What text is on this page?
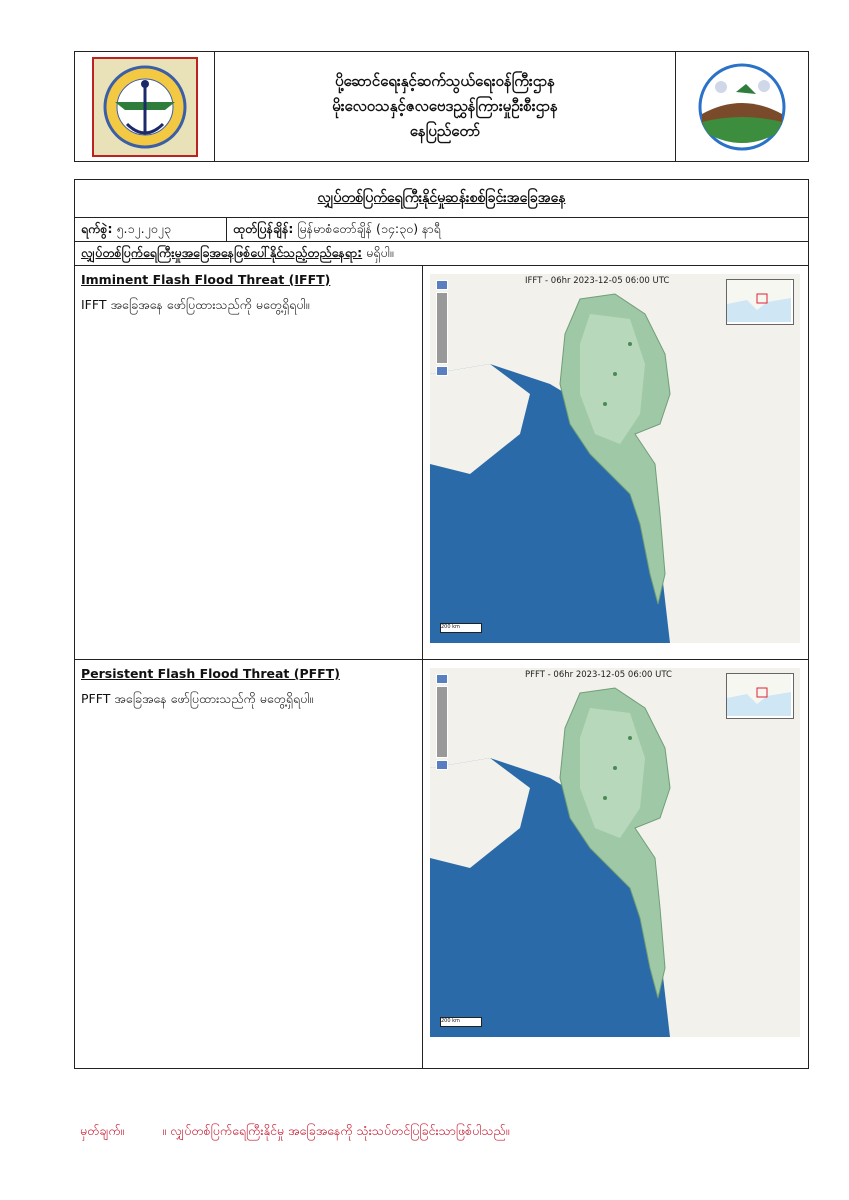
ပို့ဆောင်ရေးနှင့်ဆက်သွယ်ရေးဝန်ကြီးဌာန
မိုးလေဝသနှင့်ဇလဗေဒညွှန်ကြားမှုဦးစီးဌာန
နေပြည်တော်
လျှပ်တစ်ပြက်ရေကြီးနိုင်မှုဆန်းစစ်ခြင်းအခြေအနေ
ရက်စွဲ: ၅.၁၂.၂၀၂၃	ထုတ်ပြန်ချိန်: မြန်မာစံတော်ချိန် (၁၄:၃၀) နာရီ
လျှပ်တစ်ပြက်ရေကြီးမှုအခြေအနေဖြစ်ပေါ်နိုင်သည့်တည်နေရာ: မရှိပါ။
Imminent Flash Flood Threat (IFFT)
IFFT အခြေအနေ ဖော်ပြထားသည်ကို မတွေ့ရှိရပါ။
IFFT - 06hr 2023-12-05 06:00 UTC
200 km
Persistent Flash Flood Threat (PFFT)
PFFT အခြေအနေ ဖော်ပြထားသည်ကို မတွေ့ရှိရပါ။
PFFT - 06hr 2023-12-05 06:00 UTC
200 km
မှတ်ချက်။	။ လျှပ်တစ်ပြက်ရေကြီးနိုင်မှု အခြေအနေကို သုံးသပ်တင်ပြခြင်းသာဖြစ်ပါသည်။
